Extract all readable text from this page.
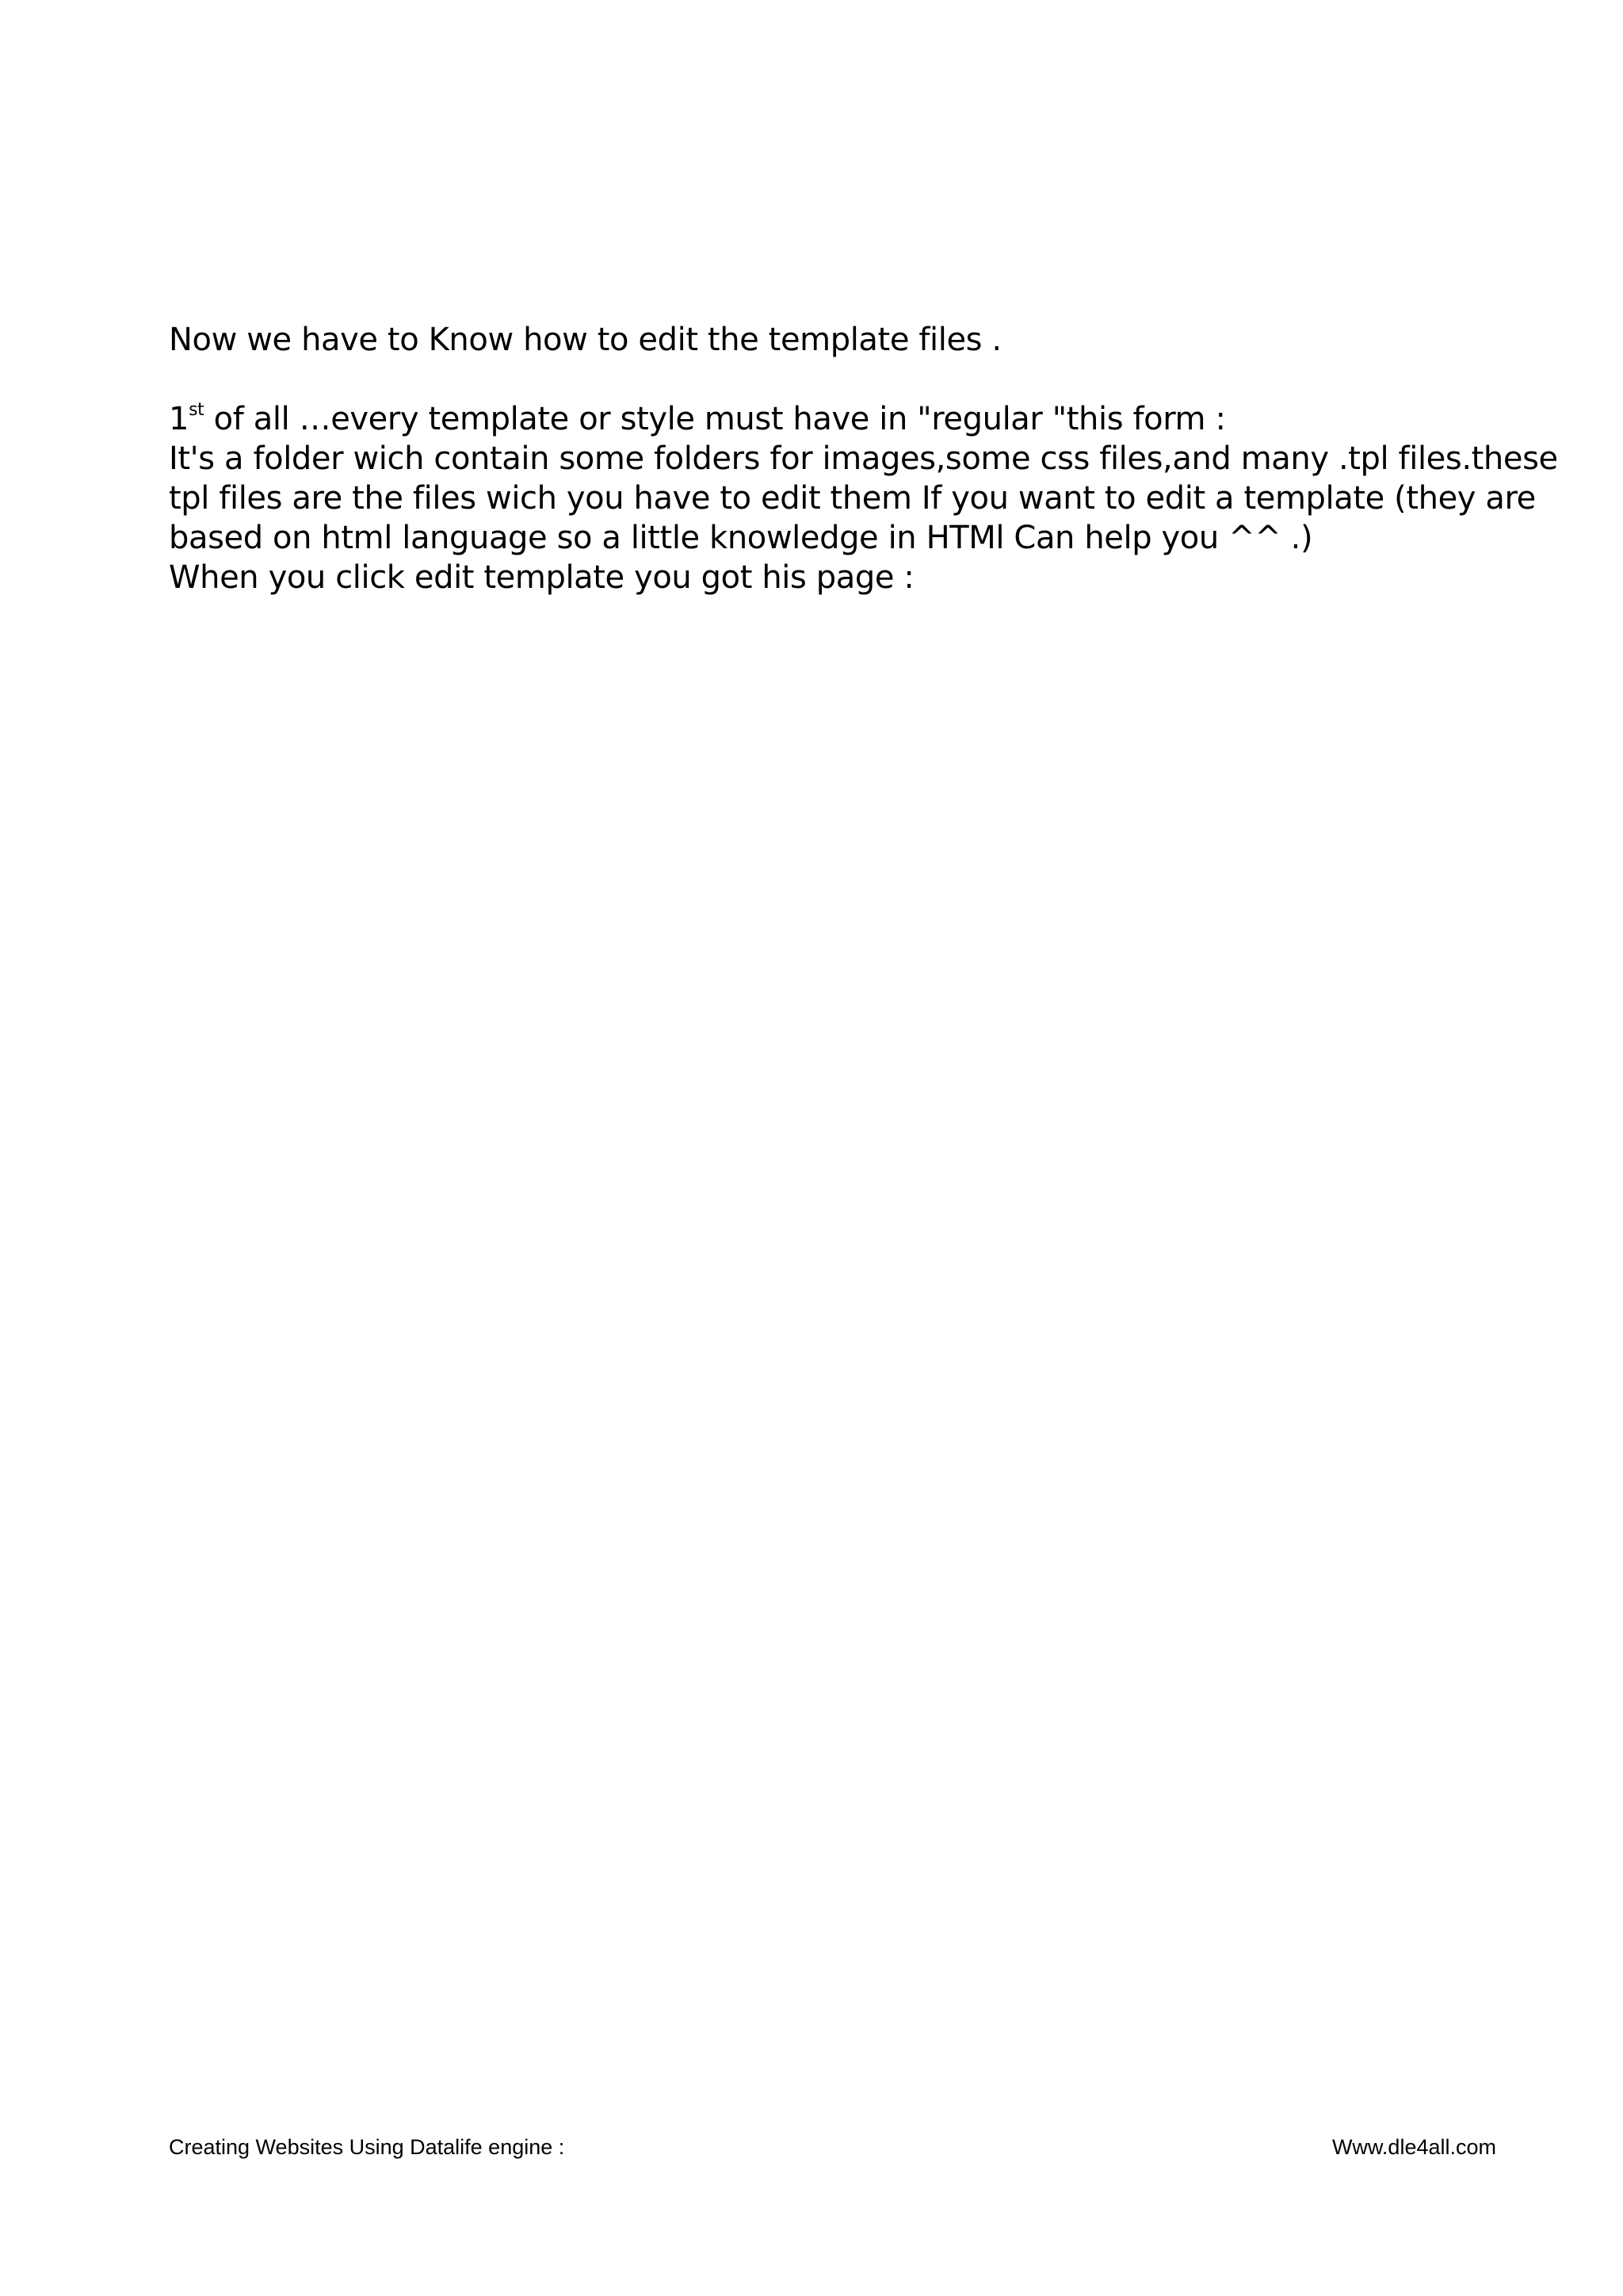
Now we have to Know how to edit the template files .

1st of all …every template or style must have in "regular "this form :

It's a folder wich contain some folders for images,some css files,and many .tpl files.these

tpl files are the files wich you have to edit them If you want to edit a template (they are

based on html language so a little knowledge in HTMl Can help you ^^ .)

When you click edit template you got his page :

Creating Websites Using Datalife engine :	Www.dle4all.com
